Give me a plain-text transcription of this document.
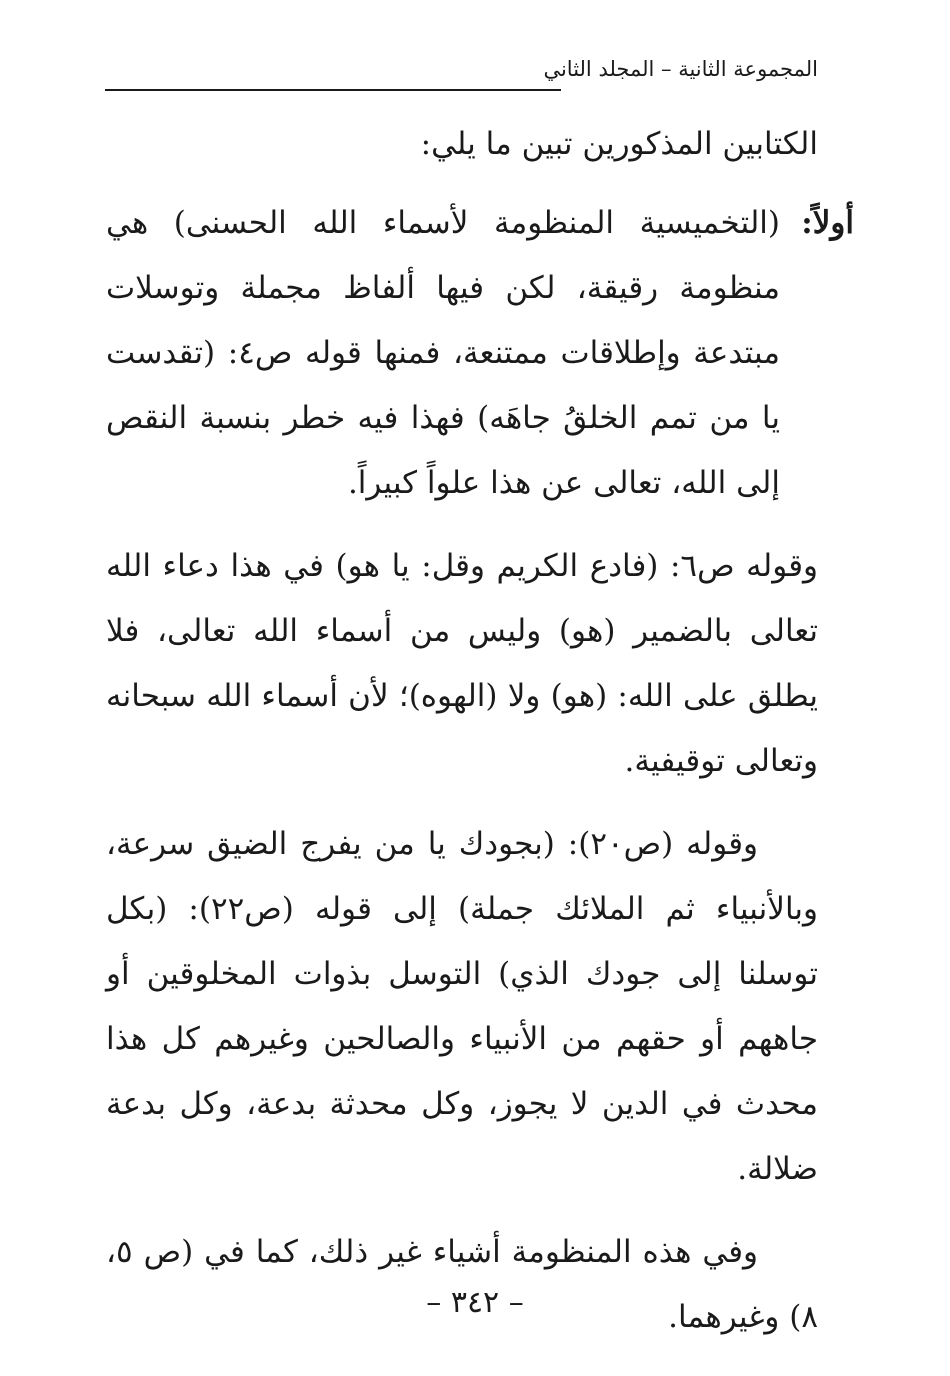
المجموعة الثانية – المجلد الثاني

الكتابين المذكورين تبين ما يلي:

أولاً:
(التخميسية المنظومة لأسماء الله الحسنى) هي منظومة رقيقة، لكن فيها ألفاظ مجملة وتوسلات مبتدعة وإطلاقات ممتنعة، فمنها قوله ص٤: (تقدست يا من تمم الخلقُ جاهَه) فهذا فيه خطر بنسبة النقص إلى الله، تعالى عن هذا علواً كبيراً.

وقوله ص٦: (فادع الكريم وقل: يا هو) في هذا دعاء الله تعالى بالضمير (هو) وليس من أسماء الله تعالى، فلا يطلق على الله: (هو) ولا (الهوه)؛ لأن أسماء الله سبحانه وتعالى توقيفية.

وقوله (ص٢٠): (بجودك يا من يفرج الضيق سرعة، وبالأنبياء ثم الملائك جملة) إلى قوله (ص٢٢): (بكل توسلنا إلى جودك الذي) التوسل بذوات المخلوقين أو جاههم أو حقهم من الأنبياء والصالحين وغيرهم كل هذا محدث في الدين لا يجوز، وكل محدثة بدعة، وكل بدعة ضلالة.

وفي هذه المنظومة أشياء غير ذلك، كما في (ص ٥، ٨) وغيرهما.

– ٣٤٢ –
